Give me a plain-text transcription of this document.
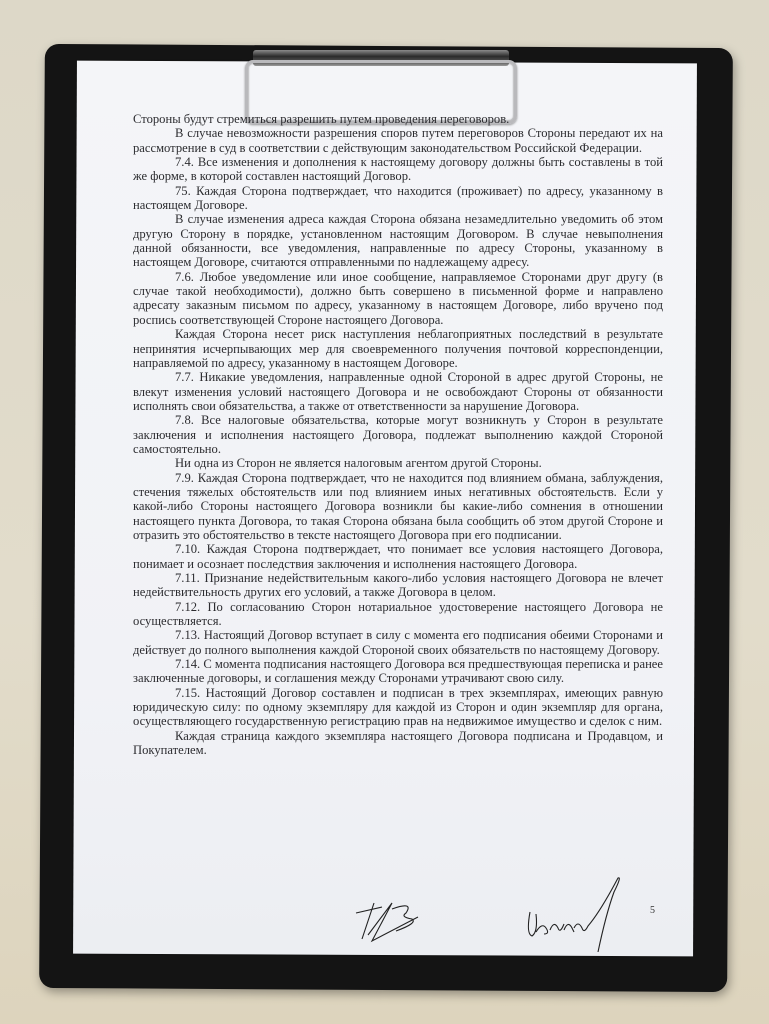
Стороны будут стремиться разрешить путем проведения переговоров.

В случае невозможности разрешения споров путем переговоров Стороны передают их на рассмотрение в суд в соответствии с действующим законодательством Российской Федерации.

7.4. Все изменения и дополнения к настоящему договору должны быть составлены в той же форме, в которой составлен настоящий Договор.

75. Каждая Сторона подтверждает, что находится (проживает) по адресу, указанному в настоящем Договоре.

В случае изменения адреса каждая Сторона обязана незамедлительно уведомить об этом другую Сторону в порядке, установленном настоящим Договором. В случае невыполнения данной обязанности, все уведомления, направленные по адресу Стороны, указанному в настоящем Договоре, считаются отправленными по надлежащему адресу.

7.6. Любое уведомление или иное сообщение, направляемое Сторонами друг другу (в случае такой необходимости), должно быть совершено в письменной форме и направлено адресату заказным письмом по адресу, указанному в настоящем Договоре, либо вручено под роспись соответствующей Стороне настоящего Договора.

Каждая Сторона несет риск наступления неблагоприятных последствий в результате непринятия исчерпывающих мер для своевременного получения почтовой корреспонденции, направляемой по адресу, указанному в настоящем Договоре.

7.7. Никакие уведомления, направленные одной Стороной в адрес другой Стороны, не влекут изменения условий настоящего Договора и не освобождают Стороны от обязанности исполнять свои обязательства, а также от ответственности за нарушение Договора.

7.8. Все налоговые обязательства, которые могут возникнуть у Сторон в результате заключения и исполнения настоящего Договора, подлежат выполнению каждой Стороной самостоятельно.

Ни одна из Сторон не является налоговым агентом другой Стороны.

7.9. Каждая Сторона подтверждает, что не находится под влиянием обмана, заблуждения, стечения тяжелых обстоятельств или под влиянием иных негативных обстоятельств. Если у какой-либо Стороны настоящего Договора возникли бы какие-либо сомнения в отношении настоящего пункта Договора, то такая Сторона обязана была сообщить об этом другой Стороне и отразить это обстоятельство в тексте настоящего Договора при его подписании.

7.10. Каждая Сторона подтверждает, что понимает все условия настоящего Договора, понимает и осознает последствия заключения и исполнения настоящего Договора.

7.11. Признание недействительным какого-либо условия настоящего Договора не влечет недействительность других его условий, а также Договора в целом.

7.12. По согласованию Сторон нотариальное удостоверение настоящего Договора не осуществляется.

7.13. Настоящий Договор вступает в силу с момента его подписания обеими Сторонами и действует до полного выполнения каждой Стороной своих обязательств по настоящему Договору.

7.14. С момента подписания настоящего Договора вся предшествующая переписка и ранее заключенные договоры, и соглашения между Сторонами утрачивают свою силу.

7.15. Настоящий Договор составлен и подписан в трех экземплярах, имеющих равную юридическую силу: по одному экземпляру для каждой из Сторон и один экземпляр для органа, осуществляющего государственную регистрацию прав на недвижимое имущество и сделок с ним.

Каждая страница каждого экземпляра настоящего Договора подписана и Продавцом, и Покупателем.

5
